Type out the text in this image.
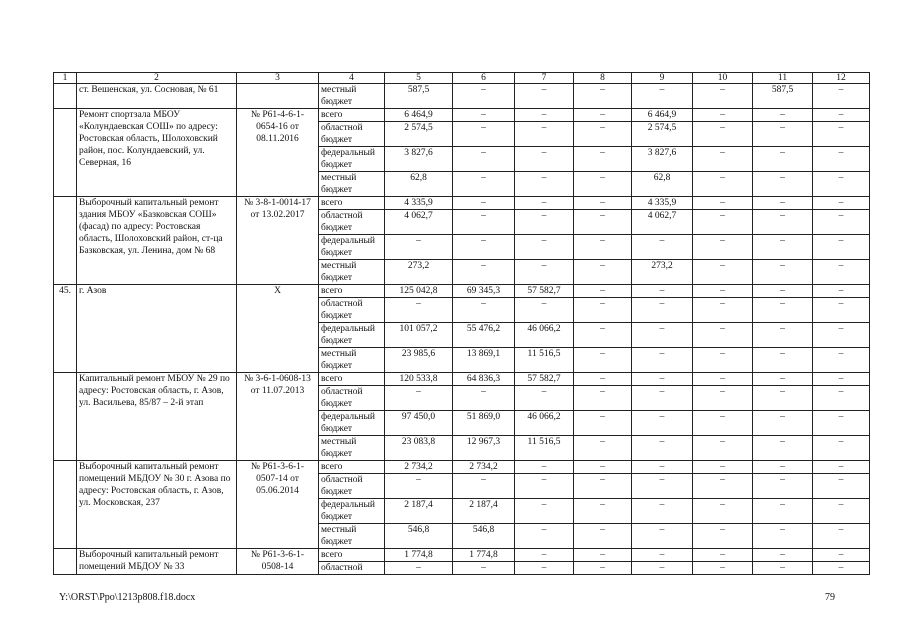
1	2	3	4	5	6	7	8	9	10	11	12
	ст. Вешенская, ул. Сосновая, № 61		местный бюджет	587,5	–	–	–	–	–	587,5	–
	Ремонт спортзала МБОУ «Колундаевская СОШ» по адресу: Ростовская область, Шолоховский район, пос. Колундаевский, ул. Северная, 16	№ Р61-4-6-1- 0654-16 от 08.11.2016	всего	6 464,9	–	–	–	6 464,9	–	–	–
			областной бюджет	2 574,5	–	–	–	2 574,5	–	–	–
			федеральный бюджет	3 827,6	–	–	–	3 827,6	–	–	–
			местный бюджет	62,8	–	–	–	62,8	–	–	–
	Выборочный капитальный ремонт здания МБОУ «Базковская СОШ» (фасад) по адресу: Ростовская область, Шолоховский район, ст-ца Базковская, ул. Ленина, дом № 68	№ 3-8-1-0014-17 от 13.02.2017	всего	4 335,9	–	–	–	4 335,9	–	–	–
			областной бюджет	4 062,7	–	–	–	4 062,7	–	–	–
			федеральный бюджет	–	–	–	–	–	–	–	–
			местный бюджет	273,2	–	–	–	273,2	–	–	–
45.	г. Азов	Х	всего	125 042,8	69 345,3	57 582,7	–	–	–	–	–
			областной бюджет	–	–	–	–	–	–	–	–
			федеральный бюджет	101 057,2	55 476,2	46 066,2	–	–	–	–	–
			местный бюджет	23 985,6	13 869,1	11 516,5	–	–	–	–	–
	Капитальный ремонт МБОУ № 29 по адресу: Ростовская область, г. Азов, ул. Васильева, 85/87 – 2-й этап	№ 3-6-1-0608-13 от 11.07.2013	всего	120 533,8	64 836,3	57 582,7	–	–	–	–	–
			областной бюджет	–	–	–	–	–	–	–	–
			федеральный бюджет	97 450,0	51 869,0	46 066,2	–	–	–	–	–
			местный бюджет	23 083,8	12 967,3	11 516,5	–	–	–	–	–
	Выборочный капитальный ремонт помещений МБДОУ № 30 г. Азова по адресу: Ростовская область, г. Азов, ул. Московская, 237	№ Р61-3-6-1- 0507-14 от 05.06.2014	всего	2 734,2	2 734,2	–	–	–	–	–	–
			областной бюджет	–	–	–	–	–	–	–	–
			федеральный бюджет	2 187,4	2 187,4	–	–	–	–	–	–
			местный бюджет	546,8	546,8	–	–	–	–	–	–
	Выборочный капитальный ремонт помещений МБДОУ № 33	№ Р61-3-6-1- 0508-14	всего	1 774,8	1 774,8	–	–	–	–	–	–
			областной	–	–	–	–	–	–	–	–
Y:\ORST\Ppo\1213p808.f18.docx	79
